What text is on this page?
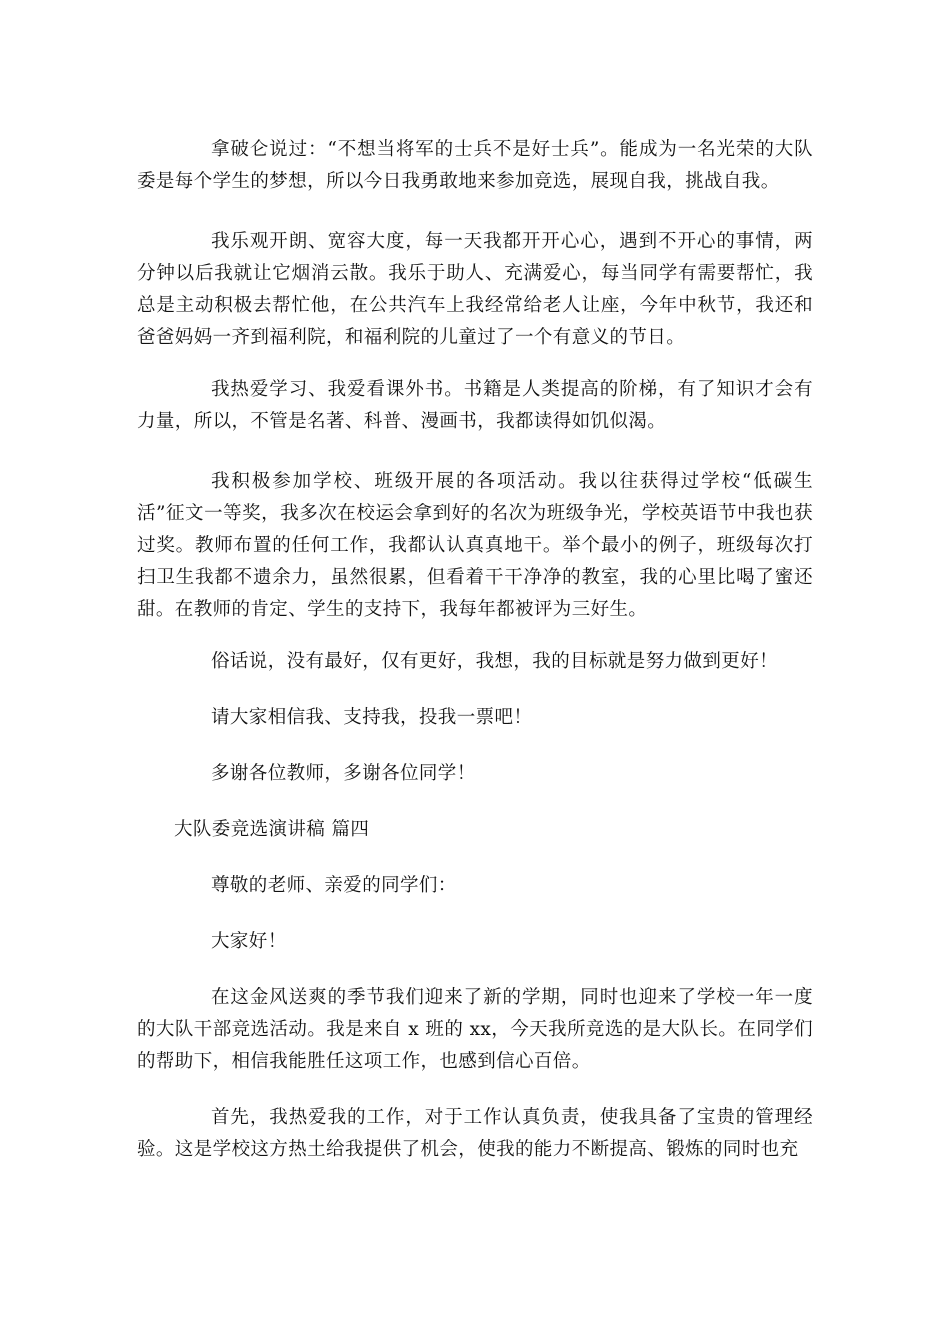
拿破仑说过：“不想当将军的士兵不是好士兵”。能成为一名光荣的大队委是每个学生的梦想，所以今日我勇敢地来参加竞选，展现自我，挑战自我。

我乐观开朗、宽容大度，每一天我都开开心心，遇到不开心的事情，两分钟以后我就让它烟消云散。我乐于助人、充满爱心，每当同学有需要帮忙，我总是主动积极去帮忙他，在公共汽车上我经常给老人让座，今年中秋节，我还和爸爸妈妈一齐到福利院，和福利院的儿童过了一个有意义的节日。

我热爱学习、我爱看课外书。书籍是人类提高的阶梯，有了知识才会有力量，所以，不管是名著、科普、漫画书，我都读得如饥似渴。

我积极参加学校、班级开展的各项活动。我以往获得过学校“低碳生活”征文一等奖，我多次在校运会拿到好的名次为班级争光，学校英语节中我也获过奖。教师布置的任何工作，我都认认真真地干。举个最小的例子，班级每次打扫卫生我都不遗余力，虽然很累，但看着干干净净的教室，我的心里比喝了蜜还甜。在教师的肯定、学生的支持下，我每年都被评为三好生。

俗话说，没有最好，仅有更好，我想，我的目标就是努力做到更好！

请大家相信我、支持我，投我一票吧！

多谢各位教师，多谢各位同学！

大队委竞选演讲稿 篇四

尊敬的老师、亲爱的同学们：

大家好！

在这金风送爽的季节我们迎来了新的学期，同时也迎来了学校一年一度的大队干部竞选活动。我是来自 x 班的 xx，今天我所竞选的是大队长。在同学们的帮助下，相信我能胜任这项工作，也感到信心百倍。

首先，我热爱我的工作，对于工作认真负责，使我具备了宝贵的管理经验。这是学校这方热土给我提供了机会，使我的能力不断提高、锻炼的同时也充
